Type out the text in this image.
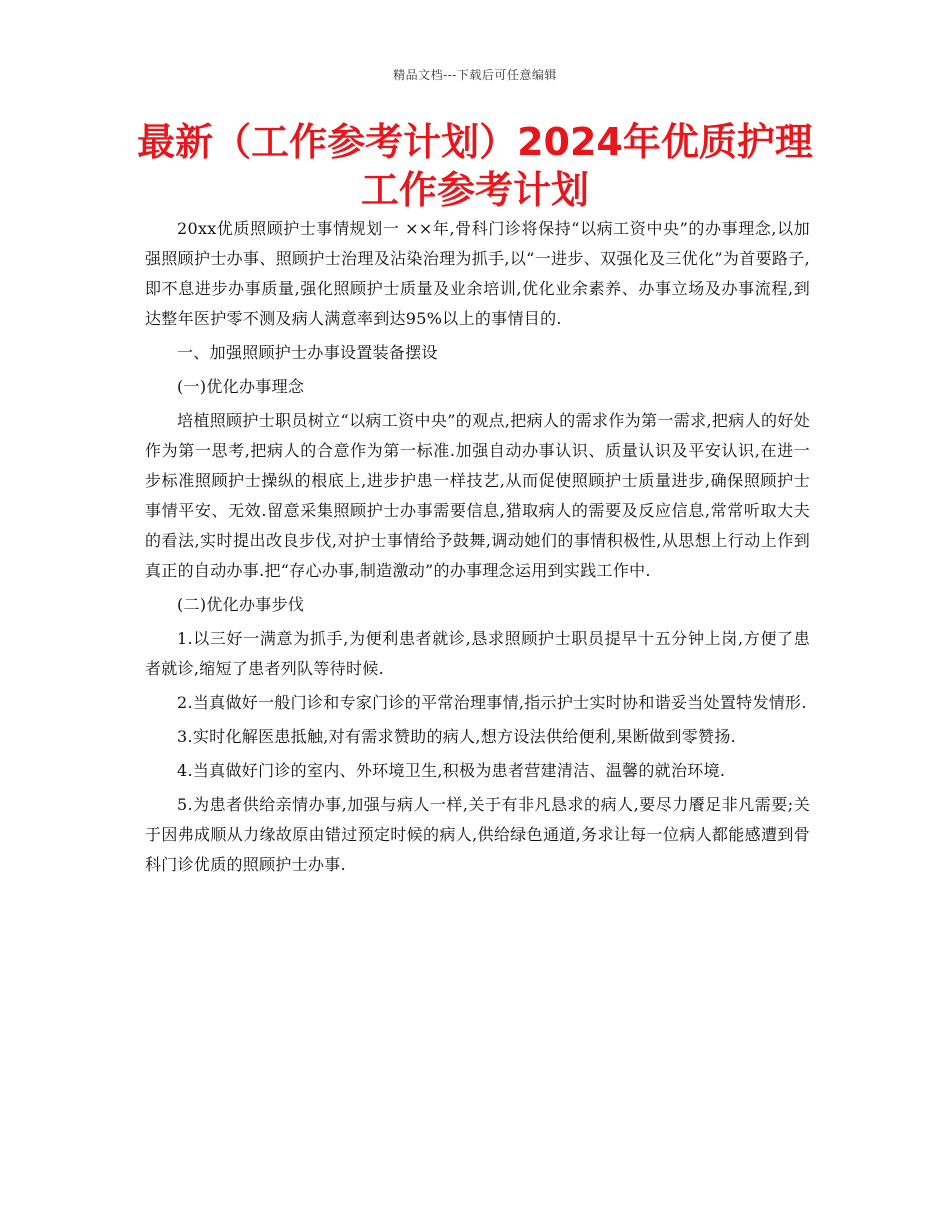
精品文档---下载后可任意编辑
最新（工作参考计划）2024年优质护理工作参考计划

20xx优质照顾护士事情规划一 ××年,骨科门诊将保持“以病工资中央”的办事理念,以加强照顾护士办事、照顾护士治理及沾染治理为抓手,以“一进步、双强化及三优化”为首要路子,即不息进步办事质量,强化照顾护士质量及业余培训,优化业余素养、办事立场及办事流程,到达整年医护零不测及病人满意率到达95%以上的事情目的.

一、加强照顾护士办事设置装备摆设

(一)优化办事理念

培植照顾护士职员树立“以病工资中央”的观点,把病人的需求作为第一需求,把病人的好处作为第一思考,把病人的合意作为第一标准.加强自动办事认识、质量认识及平安认识,在进一步标准照顾护士操纵的根底上,进步护患一样技艺,从而促使照顾护士质量进步,确保照顾护士事情平安、无效.留意采集照顾护士办事需要信息,猎取病人的需要及反应信息,常常听取大夫的看法,实时提出改良步伐,对护士事情给予鼓舞,调动她们的事情积极性,从思想上行动上作到真正的自动办事.把“存心办事,制造激动”的办事理念运用到实践工作中.

(二)优化办事步伐

1.以三好一满意为抓手,为便利患者就诊,恳求照顾护士职员提早十五分钟上岗,方便了患者就诊,缩短了患者列队等待时候.

2.当真做好一般门诊和专家门诊的平常治理事情,指示护士实时协和谐妥当处置特发情形.

3.实时化解医患抵触,对有需求赞助的病人,想方设法供给便利,果断做到零赞扬.

4.当真做好门诊的室内、外环境卫生,积极为患者营建清洁、温馨的就治环境.

5.为患者供给亲情办事,加强与病人一样,关于有非凡恳求的病人,要尽力餍足非凡需要;关于因弗成顺从力缘故原由错过预定时候的病人,供给绿色通道,务求让每一位病人都能感遭到骨科门诊优质的照顾护士办事.
